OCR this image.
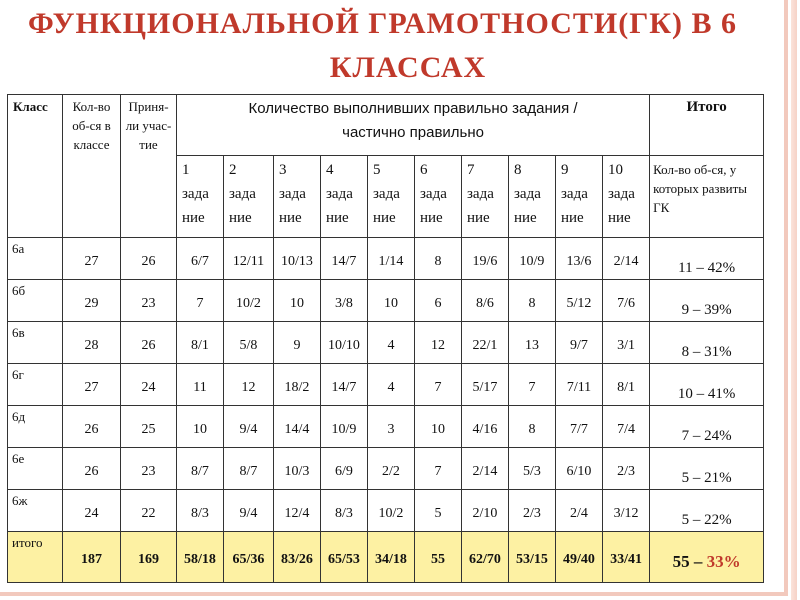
ФУНКЦИОНАЛЬНОЙ ГРАМОТНОСТИ(ГК) В 6
КЛАССАХ
Класс	Кол-во об-ся в классе	Приня-ли учас-тие	Количество выполнивших правильно задания / частично правильно										Итого
			1
зада
ние	2
зада
ние	3
зада
ние	4
зада
ние	5
зада
ние	6
зада
ние	7
зада
ние	8
зада
ние	9
зада
ние	10
зада
ние	Кол-во об-ся, у которых развиты ГК
6а	27	26	6/7	12/11	10/13	14/7	1/14	8	19/6	10/9	13/6	2/14	11 – 42%
6б	29	23	7	10/2	10	3/8	10	6	8/6	8	5/12	7/6	9 – 39%
6в	28	26	8/1	5/8	9	10/10	4	12	22/1	13	9/7	3/1	8 – 31%
6г	27	24	11	12	18/2	14/7	4	7	5/17	7	7/11	8/1	10 – 41%
6д	26	25	10	9/4	14/4	10/9	3	10	4/16	8	7/7	7/4	7 – 24%
6е	26	23	8/7	8/7	10/3	6/9	2/2	7	2/14	5/3	6/10	2/3	5 – 21%
6ж	24	22	8/3	9/4	12/4	8/3	10/2	5	2/10	2/3	2/4	3/12	5 – 22%
итого	187	169	58/18	65/36	83/26	65/53	34/18	55	62/70	53/15	49/40	33/41	55 – 33%
